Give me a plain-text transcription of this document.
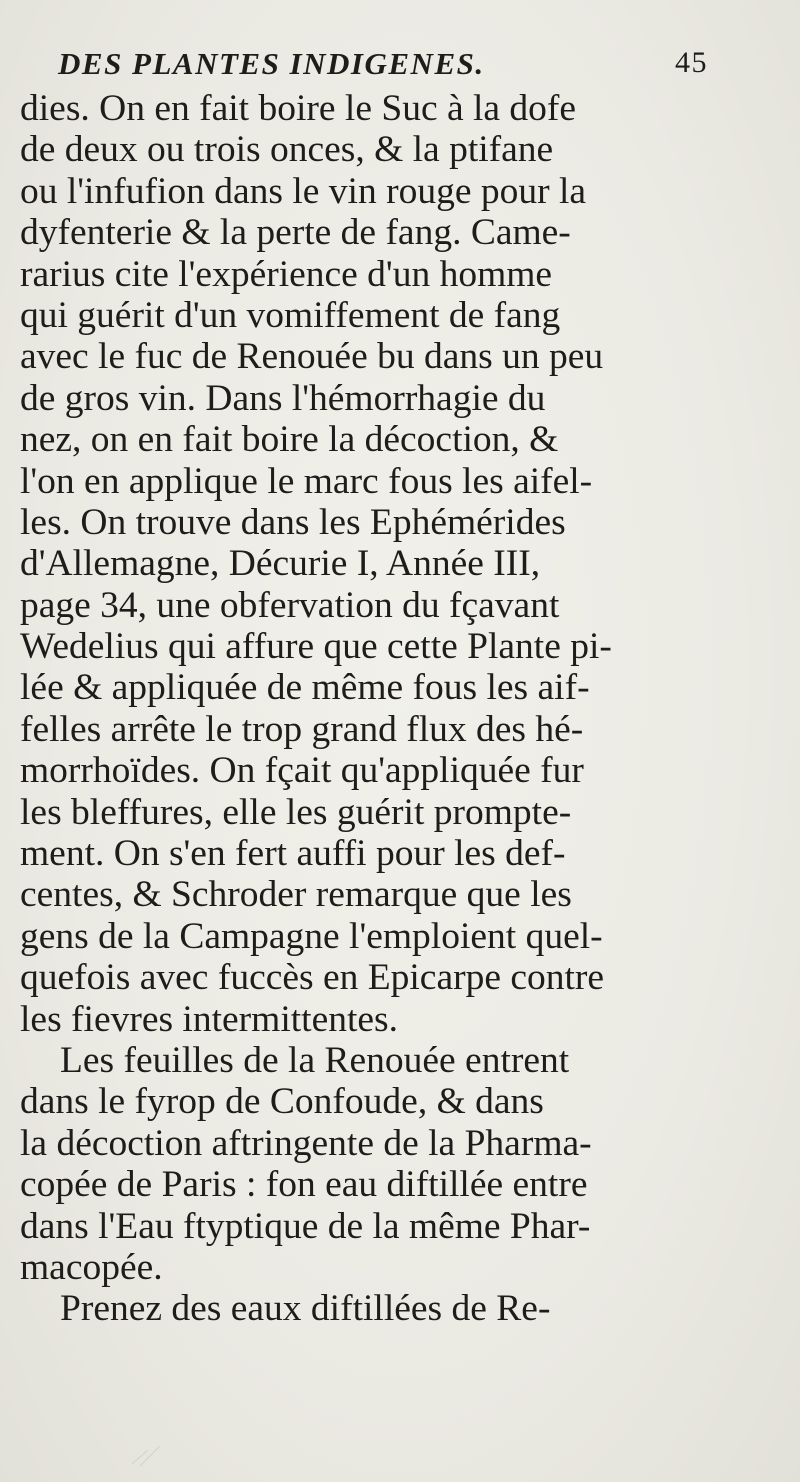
DES PLANTES INDIGENES.	45
dies. On en fait boire le Suc à la dofe
de deux ou trois onces, & la ptifane
ou l'infufion dans le vin rouge pour la
dyfenterie & la perte de fang. Came-
rarius cite l'expérience d'un homme
qui guérit d'un vomiffement de fang
avec le fuc de Renouée bu dans un peu
de gros vin. Dans l'hémorrhagie du
nez, on en fait boire la décoction, &
l'on en applique le marc fous les aifel-
les. On trouve dans les Ephémérides
d'Allemagne, Décurie I, Année III,
page 34, une obfervation du fçavant
Wedelius qui affure que cette Plante pi-
lée & appliquée de même fous les aif-
felles arrête le trop grand flux des hé-
morrhoïdes. On fçait qu'appliquée fur
les bleffures, elle les guérit prompte-
ment. On s'en fert auffi pour les def-
centes, & Schroder remarque que les
gens de la Campagne l'emploient quel-
quefois avec fuccès en Epicarpe contre
les fievres intermittentes.
Les feuilles de la Renouée entrent
dans le fyrop de Confoude, & dans
la décoction aftringente de la Pharma-
copée de Paris : fon eau diftillée entre
dans l'Eau ftyptique de la même Phar-
macopée.
Prenez des eaux diftillées de Re-
